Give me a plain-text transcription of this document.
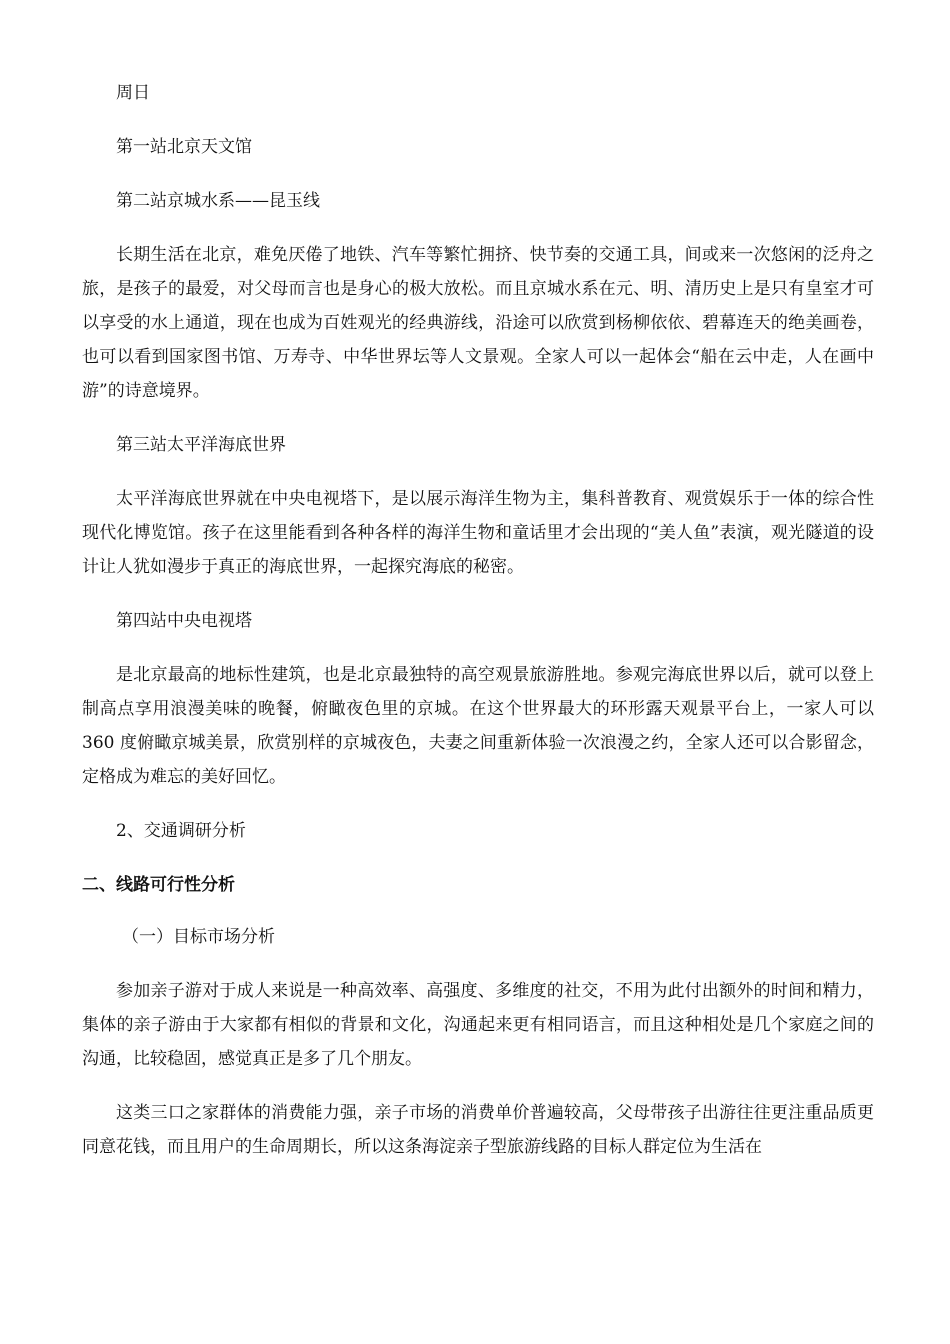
周日

第一站北京天文馆

第二站京城水系——昆玉线

长期生活在北京，难免厌倦了地铁、汽车等繁忙拥挤、快节奏的交通工具，间或来一次悠闲的泛舟之旅，是孩子的最爱，对父母而言也是身心的极大放松。而且京城水系在元、明、清历史上是只有皇室才可以享受的水上通道，现在也成为百姓观光的经典游线，沿途可以欣赏到杨柳依依、碧幕连天的绝美画卷，也可以看到国家图书馆、万寿寺、中华世界坛等人文景观。全家人可以一起体会“船在云中走，人在画中游”的诗意境界。

第三站太平洋海底世界

太平洋海底世界就在中央电视塔下，是以展示海洋生物为主，集科普教育、观赏娱乐于一体的综合性现代化博览馆。孩子在这里能看到各种各样的海洋生物和童话里才会出现的“美人鱼”表演，观光隧道的设计让人犹如漫步于真正的海底世界，一起探究海底的秘密。

第四站中央电视塔

是北京最高的地标性建筑，也是北京最独特的高空观景旅游胜地。参观完海底世界以后，就可以登上制高点享用浪漫美味的晚餐，俯瞰夜色里的京城。在这个世界最大的环形露天观景平台上，一家人可以 360 度俯瞰京城美景，欣赏别样的京城夜色，夫妻之间重新体验一次浪漫之约，全家人还可以合影留念，定格成为难忘的美好回忆。

2、交通调研分析

二、线路可行性分析

（一）目标市场分析

参加亲子游对于成人来说是一种高效率、高强度、多维度的社交，不用为此付出额外的时间和精力，集体的亲子游由于大家都有相似的背景和文化，沟通起来更有相同语言，而且这种相处是几个家庭之间的沟通，比较稳固，感觉真正是多了几个朋友。

这类三口之家群体的消费能力强，亲子市场的消费单价普遍较高，父母带孩子出游往往更注重品质更同意花钱，而且用户的生命周期长，所以这条海淀亲子型旅游线路的目标人群定位为生活在
